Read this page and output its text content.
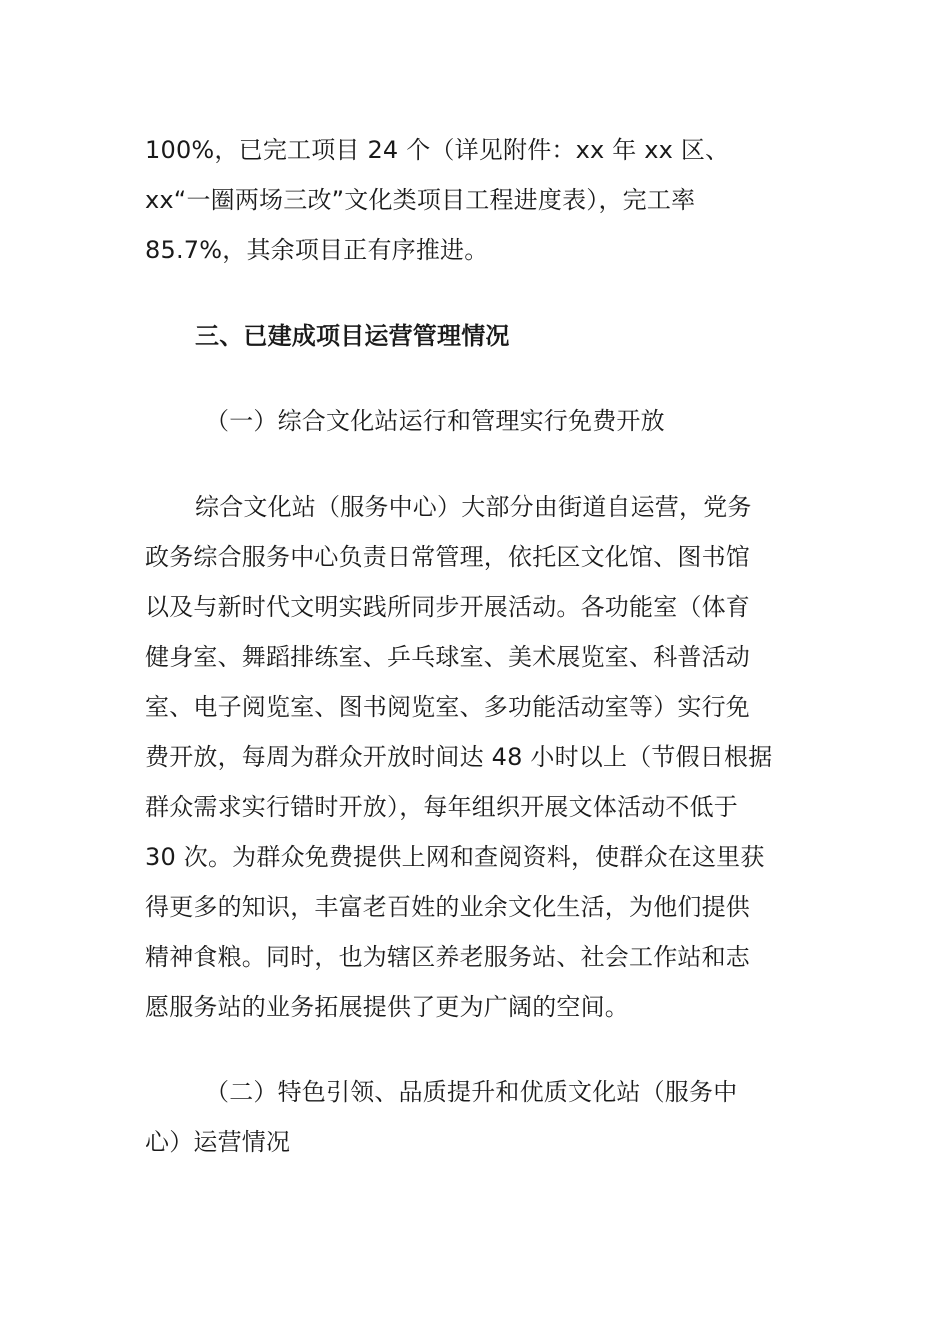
100%，已完工项目 24 个（详见附件：xx 年 xx 区、
xx“一圈两场三改”文化类项目工程进度表），完工率
85.7%，其余项目正有序推进。
三、已建成项目运营管理情况
（一）综合文化站运行和管理实行免费开放
综合文化站（服务中心）大部分由街道自运营，党务
政务综合服务中心负责日常管理，依托区文化馆、图书馆
以及与新时代文明实践所同步开展活动。各功能室（体育
健身室、舞蹈排练室、乒乓球室、美术展览室、科普活动
室、电子阅览室、图书阅览室、多功能活动室等）实行免
费开放，每周为群众开放时间达 48 小时以上（节假日根据
群众需求实行错时开放），每年组织开展文体活动不低于
30 次。为群众免费提供上网和查阅资料，使群众在这里获
得更多的知识，丰富老百姓的业余文化生活，为他们提供
精神食粮。同时，也为辖区养老服务站、社会工作站和志
愿服务站的业务拓展提供了更为广阔的空间。
（二）特色引领、品质提升和优质文化站（服务中
心）运营情况
